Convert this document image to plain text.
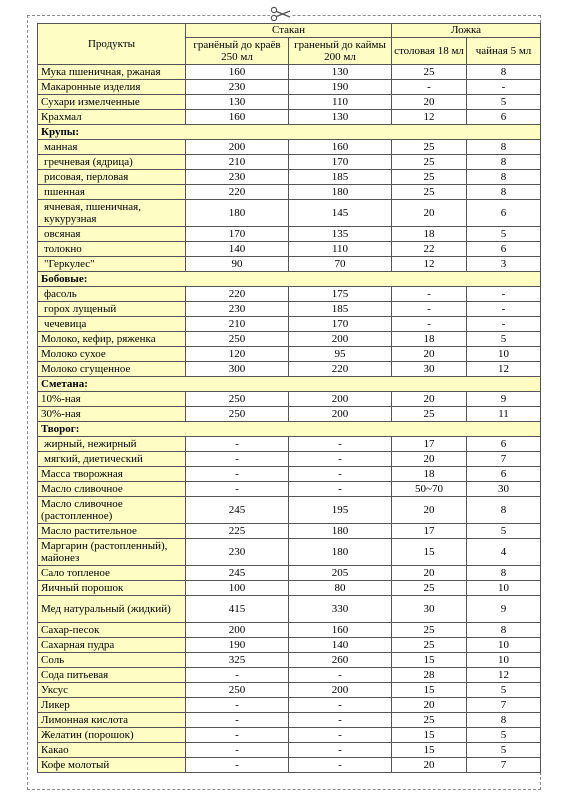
Продукты	Стакан		Ложка	
	гранёный до краёв 250 мл	граненый до каймы 200 мл	столовая 18 мл	чайная 5 мл
Мука пшеничная, ржаная	160	130	25	8
Макаронные изделия	230	190	-	-
Сухари измелченные	130	110	20	5
Крахмал	160	130	12	6
Крупы:				
манная	200	160	25	8
гречневая (ядрица)	210	170	25	8
рисовая, перловая	230	185	25	8
пшенная	220	180	25	8
ячневая, пшеничная, кукурузная	180	145	20	6
овсяная	170	135	18	5
толокно	140	110	22	6
"Геркулес"	90	70	12	3
Бобовые:				
фасоль	220	175	-	-
горох лущеный	230	185	-	-
чечевица	210	170	-	-
Молоко, кефир, ряженка	250	200	18	5
Молоко сухое	120	95	20	10
Молоко сгущенное	300	220	30	12
Сметана:				
10%-ная	250	200	20	9
30%-ная	250	200	25	11
Творог:				
жирный, нежирный	-	-	17	6
мягкий, диетический	-	-	20	7
Масса творожная	-	-	18	6
Масло сливочное	-	-	50~70	30
Масло сливочное (растопленное)	245	195	20	8
Масло растительное	225	180	17	5
Маргарин (растопленный), майонез	230	180	15	4
Сало топленое	245	205	20	8
Яичный порошок	100	80	25	10
Мед натуральный (жидкий)	415	330	30	9
Сахар-песок	200	160	25	8
Сахарная пудра	190	140	25	10
Соль	325	260	15	10
Сода питьевая	-	-	28	12
Уксус	250	200	15	5
Ликер	-	-	20	7
Лимонная кислота	-	-	25	8
Желатин (порошок)	-	-	15	5
Какао	-	-	15	5
Кофе молотый	-	-	20	7
